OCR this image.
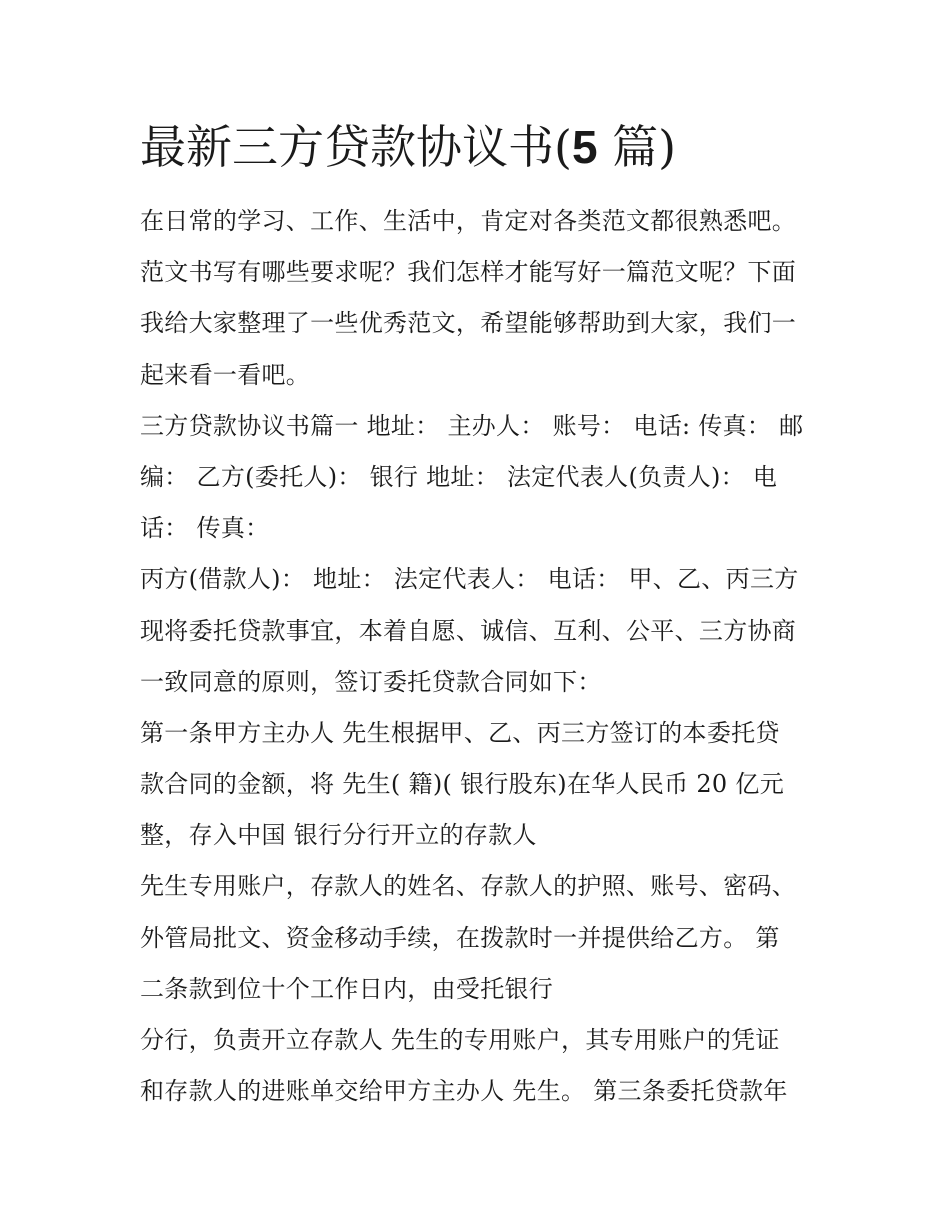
最新三方贷款协议书(5 篇)
在日常的学习、工作、生活中，肯定对各类范文都很熟悉吧。
范文书写有哪些要求呢？我们怎样才能写好一篇范文呢？下面
我给大家整理了一些优秀范文，希望能够帮助到大家，我们一
起来看一看吧。
三方贷款协议书篇一 地址： 主办人： 账号： 电话: 传真： 邮
编： 乙方(委托人)： 银行 地址： 法定代表人(负责人)： 电
话： 传真：
丙方(借款人)： 地址： 法定代表人： 电话： 甲、乙、丙三方
现将委托贷款事宜，本着自愿、诚信、互利、公平、三方协商
一致同意的原则，签订委托贷款合同如下：
第一条甲方主办人 先生根据甲、乙、丙三方签订的本委托贷
款合同的金额，将 先生( 籍)( 银行股东)在华人民币 20 亿元
整，存入中国 银行分行开立的存款人
先生专用账户，存款人的姓名、存款人的护照、账号、密码、
外管局批文、资金移动手续，在拨款时一并提供给乙方。 第
二条款到位十个工作日内，由受托银行
分行，负责开立存款人 先生的专用账户，其专用账户的凭证
和存款人的进账单交给甲方主办人 先生。 第三条委托贷款年
